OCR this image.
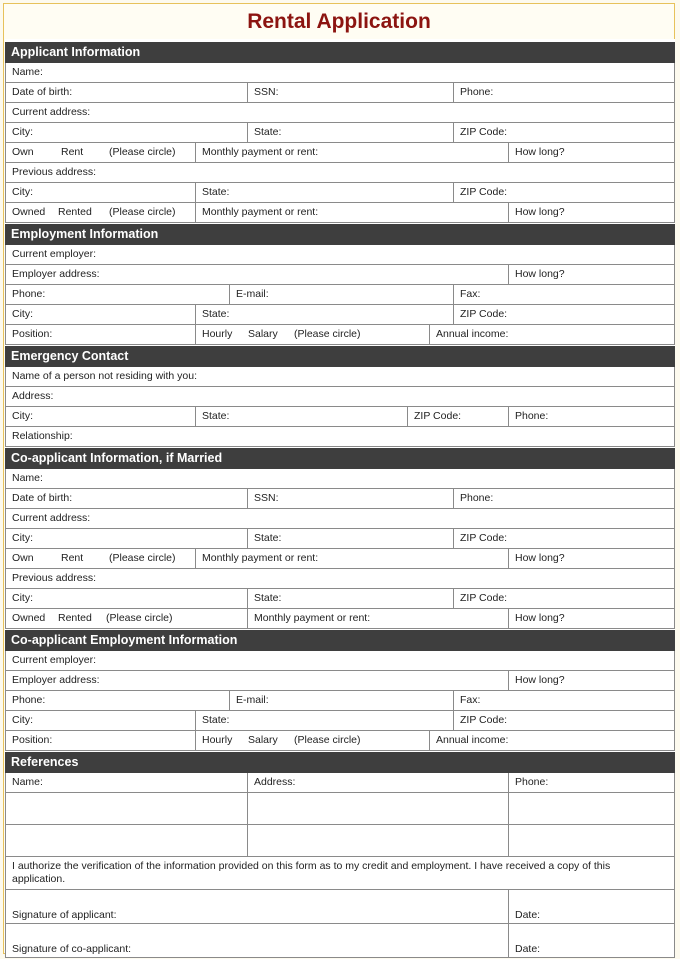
Rental Application
Applicant Information
Name:
Date of birth:	SSN:	Phone:
Current address:
City:	State:	ZIP Code:
Own	Rent (Please circle)	Monthly payment or rent:	How long?
Previous address:
City:	State:	ZIP Code:
Owned Rented (Please circle)	Monthly payment or rent:	How long?
Employment Information
Current employer:
Employer address:	How long?
Phone:	E-mail:	Fax:
City:	State:	ZIP Code:
Position:	Hourly Salary (Please circle)	Annual income:
Emergency Contact
Name of a person not residing with you:
Address:
City:	State:	ZIP Code:	Phone:
Relationship:
Co-applicant Information, if Married
Name:
Date of birth:	SSN:	Phone:
Current address:
City:	State:	ZIP Code:
Own	Rent (Please circle)	Monthly payment or rent:	How long?
Previous address:
City:	State:	ZIP Code:
Owned Rented (Please circle)	Monthly payment or rent:	How long?
Co-applicant Employment Information
Current employer:
Employer address:	How long?
Phone:	E-mail:	Fax:
City:	State:	ZIP Code:
Position:	Hourly Salary (Please circle)	Annual income:
References
Name:	Address:	Phone:
I authorize the verification of the information provided on this form as to my credit and employment. I have received a copy of this application.
Signature of applicant:	Date:
Signature of co-applicant:	Date:
